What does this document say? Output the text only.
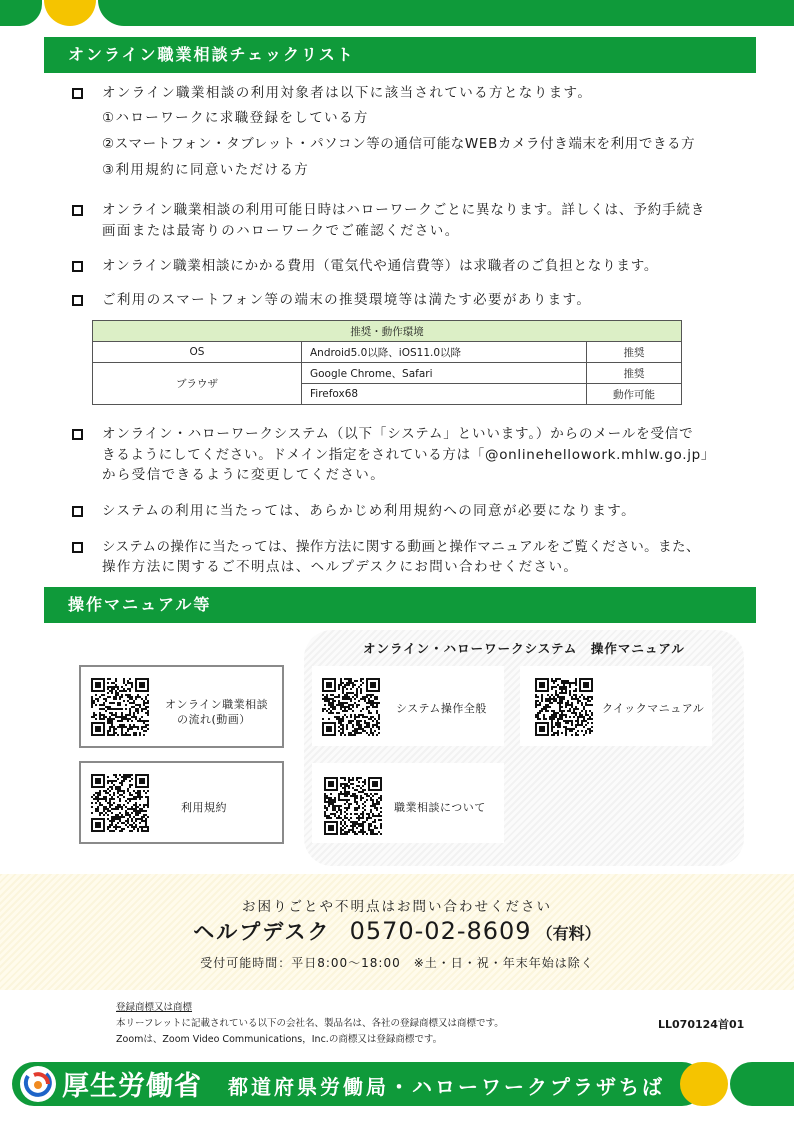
オンライン職業相談チェックリスト
オンライン職業相談の利用対象者は以下に該当されている方となります。
①ハローワークに求職登録をしている方
②スマートフォン・タブレット・パソコン等の通信可能なWEBカメラ付き端末を利用できる方
③利用規約に同意いただける方
オンライン職業相談の利用可能日時はハローワークごとに異なります。詳しくは、予約手続き
画面または最寄りのハローワークでご確認ください。
オンライン職業相談にかかる費用（電気代や通信費等）は求職者のご負担となります。
ご利用のスマートフォン等の端末の推奨環境等は満たす必要があります。
推奨・動作環境		
OS	Android5.0以降、iOS11.0以降	推奨
ブラウザ	Google Chrome、Safari	推奨
	Firefox68	動作可能
オンライン・ハローワークシステム（以下「システム」といいます。）からのメールを受信で
きるようにしてください。ドメイン指定をされている方は「@onlinehellowork.mhlw.go.jp」
から受信できるように変更してください。
システムの利用に当たっては、あらかじめ利用規約への同意が必要になります。
システムの操作に当たっては、操作方法に関する動画と操作マニュアルをご覧ください。また、
操作方法に関するご不明点は、ヘルプデスクにお問い合わせください。
操作マニュアル等
オンライン・ハローワークシステム　操作マニュアル
オンライン職業相談
の流れ(動画）
利用規約
システム操作全般	クイックマニュアル
職業相談について
お困りごとや不明点はお問い合わせください
ヘルプデスク 0570-02-8609 （有料）
受付可能時間：平日8:00〜18:00　※土・日・祝・年末年始は除く
登録商標又は商標
本リーフレットに記載されている以下の会社名、製品名は、各社の登録商標又は商標です。
Zoomは、Zoom Video Communications，Inc.の商標又は登録商標です。
LL070124首01
厚生労働省 都道府県労働局・ハローワークプラザちば
